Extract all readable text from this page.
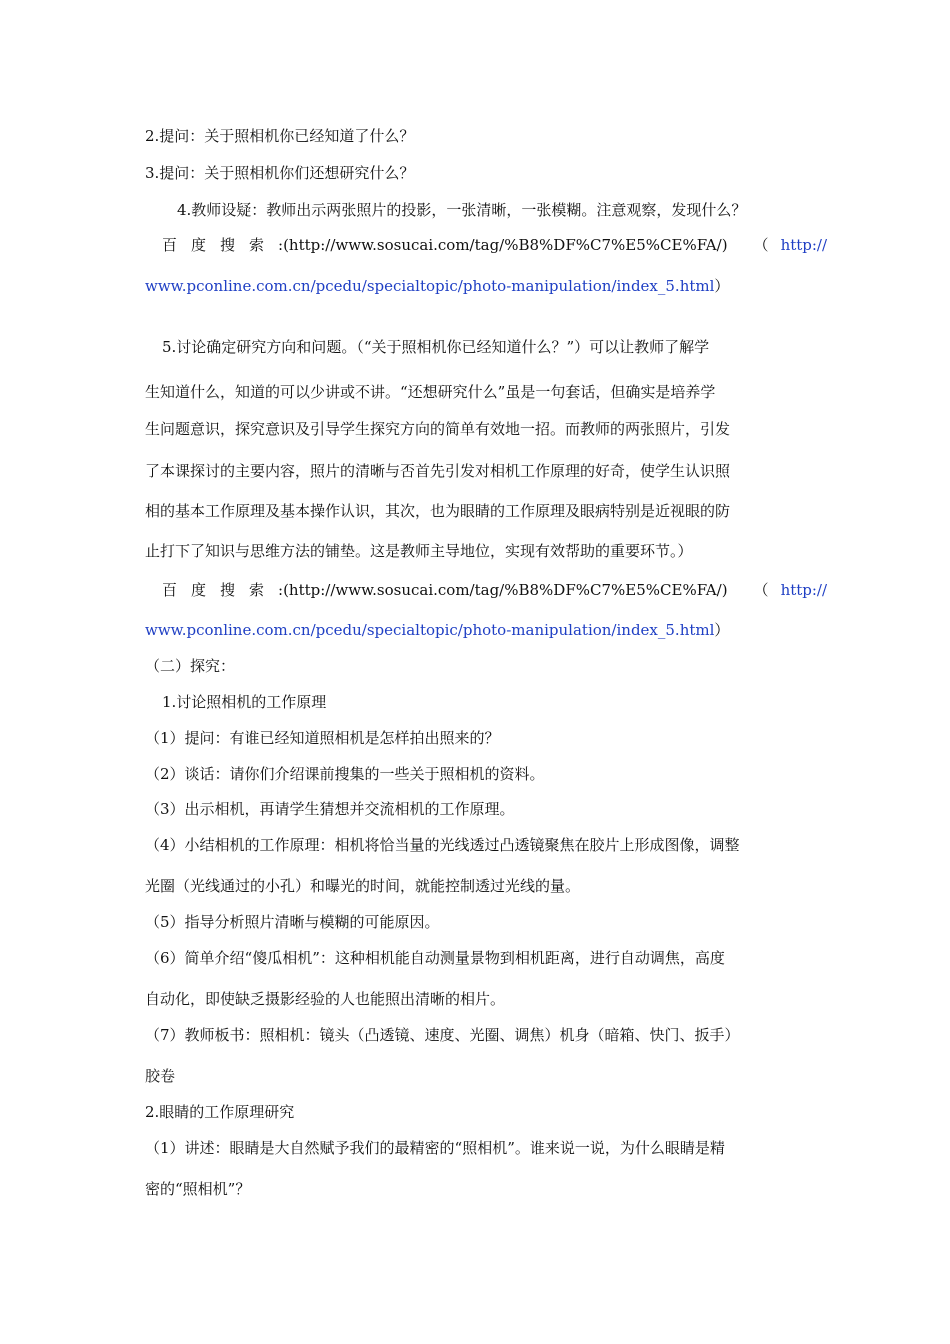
2.提问：关于照相机你已经知道了什么？
3.提问：关于照相机你们还想研究什么？
4.教师设疑：教师出示两张照片的投影，一张清晰，一张模糊。注意观察，发现什么？
百度搜索:(http://www.sosucai.com/tag/%B8%DF%C7%E5%CE%FA/) （ http://
www.pconline.com.cn/pcedu/specialtopic/photo-manipulation/index_5.html）
5.讨论确定研究方向和问题。（“关于照相机你已经知道什么？”）可以让教师了解学
生知道什么，知道的可以少讲或不讲。“还想研究什么”虽是一句套话，但确实是培养学
生问题意识，探究意识及引导学生探究方向的简单有效地一招。而教师的两张照片，引发
了本课探讨的主要内容，照片的清晰与否首先引发对相机工作原理的好奇，使学生认识照
相的基本工作原理及基本操作认识，其次，也为眼睛的工作原理及眼病特别是近视眼的防
止打下了知识与思维方法的铺垫。这是教师主导地位，实现有效帮助的重要环节。）
百度搜索:(http://www.sosucai.com/tag/%B8%DF%C7%E5%CE%FA/) （ http://
www.pconline.com.cn/pcedu/specialtopic/photo-manipulation/index_5.html）
（二）探究：
1.讨论照相机的工作原理
（1）提问：有谁已经知道照相机是怎样拍出照来的？
（2）谈话：请你们介绍课前搜集的一些关于照相机的资料。
（3）出示相机，再请学生猜想并交流相机的工作原理。
（4）小结相机的工作原理：相机将恰当量的光线透过凸透镜聚焦在胶片上形成图像，调整
光圈（光线通过的小孔）和曝光的时间，就能控制透过光线的量。
（5）指导分析照片清晰与模糊的可能原因。
（6）简单介绍“傻瓜相机”：这种相机能自动测量景物到相机距离，进行自动调焦，高度
自动化，即使缺乏摄影经验的人也能照出清晰的相片。
（7）教师板书：照相机：镜头（凸透镜、速度、光圈、调焦）机身（暗箱、快门、扳手）
胶卷
2.眼睛的工作原理研究
（1）讲述：眼睛是大自然赋予我们的最精密的“照相机”。谁来说一说，为什么眼睛是精
密的“照相机”？
